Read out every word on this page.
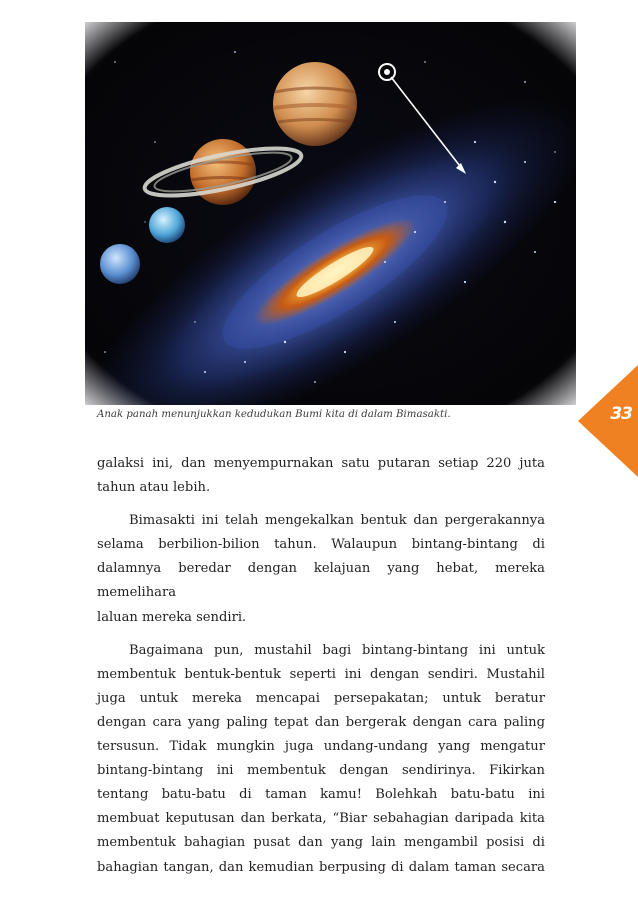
Anak panah menunjukkan kedudukan Bumi kita di dalam Bimasakti.	33

galaksi ini, dan menyempurnakan satu putaran setiap 220 juta
tahun atau lebih.

Bimasakti ini telah mengekalkan bentuk dan pergerakannya
selama berbilion-bilion tahun. Walaupun bintang-bintang di
dalamnya beredar dengan kelajuan yang hebat, mereka memelihara
laluan mereka sendiri.

Bagaimana pun, mustahil bagi bintang-bintang ini untuk
membentuk bentuk-bentuk seperti ini dengan sendiri. Mustahil
juga untuk mereka mencapai persepakatan; untuk beratur
dengan cara yang paling tepat dan bergerak dengan cara paling
tersusun. Tidak mungkin juga undang-undang yang mengatur
bintang-bintang ini membentuk dengan sendirinya. Fikirkan
tentang batu-batu di taman kamu! Bolehkah batu-batu ini
membuat keputusan dan berkata, “Biar sebahagian daripada kita
membentuk bahagian pusat dan yang lain mengambil posisi di
bahagian tangan, dan kemudian berpusing di dalam taman secara
